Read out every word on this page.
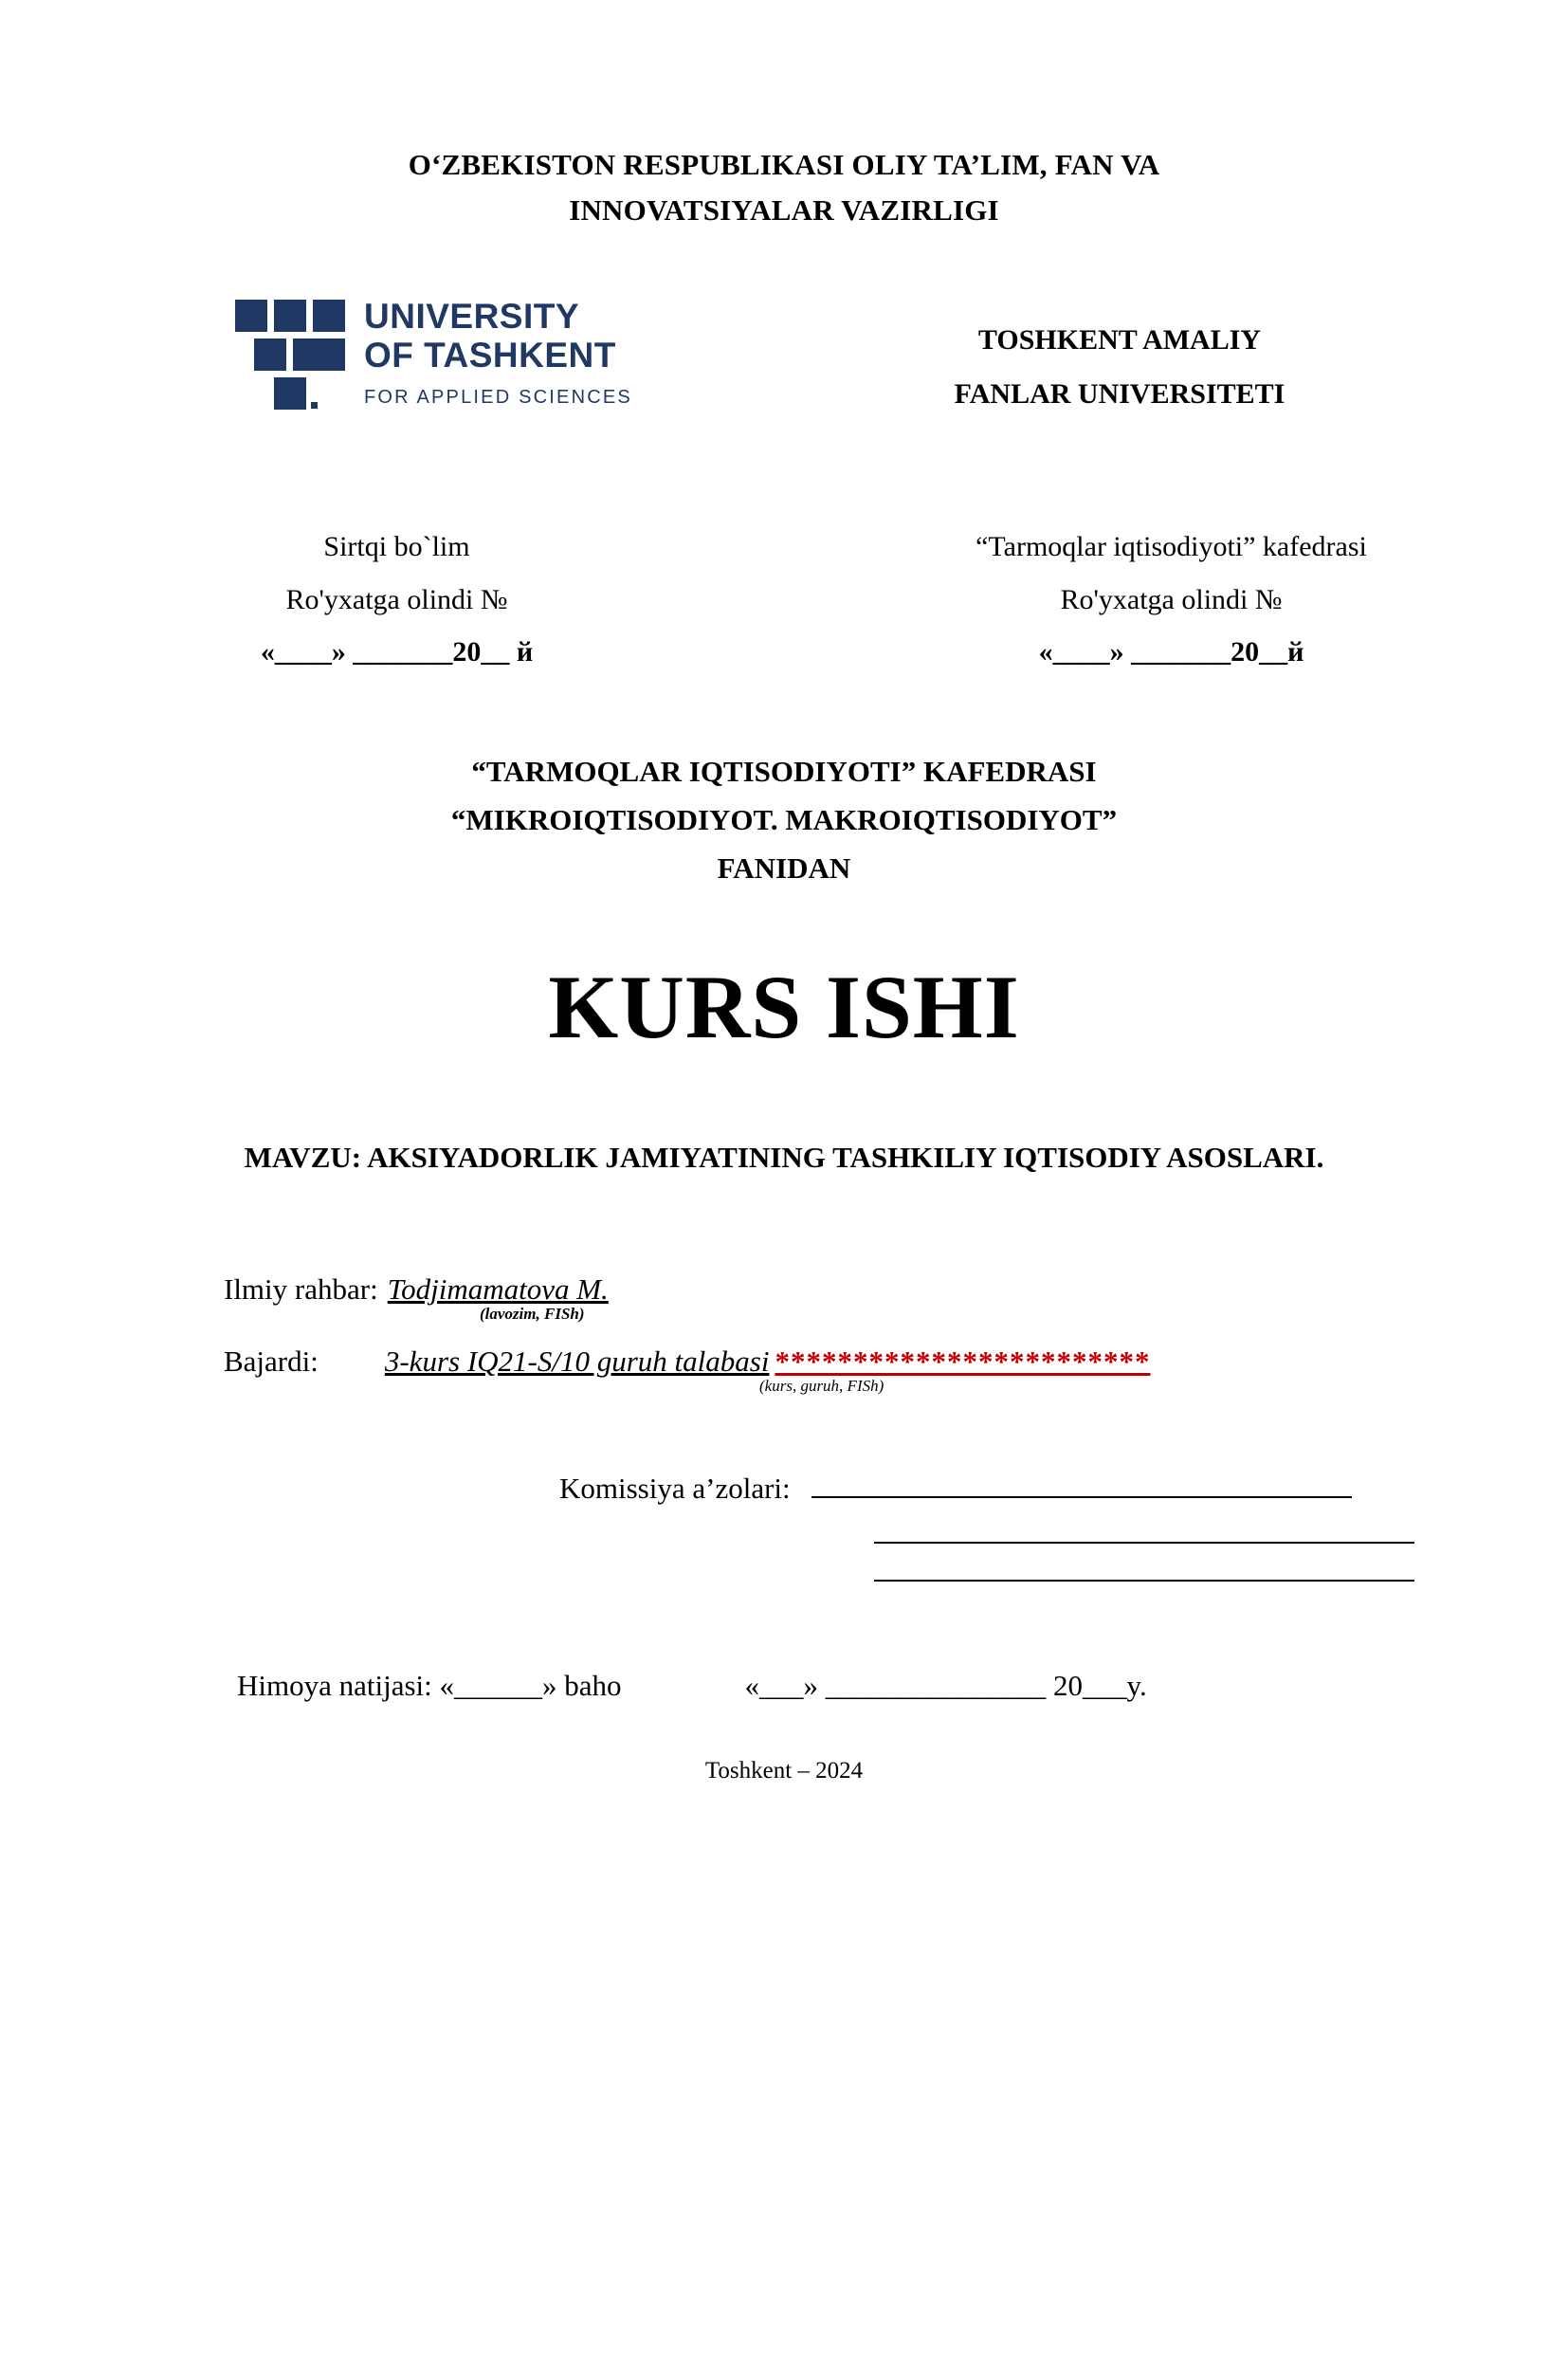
O‘ZBEKISTON RESPUBLIKASI OLIY TA’LIM, FAN VA
INNOVATSIYALAR VAZIRLIGI
UNIVERSITY
OF TASHKENT
FOR APPLIED SCIENCES
TOSHKENT AMALIY
FANLAR UNIVERSITETI
Sirtqi bo`lim
Ro'yxatga olindi №
«____» _______20__ й
“Tarmoqlar iqtisodiyoti” kafedrasi
Ro'yxatga olindi №
«____» _______20__й
“TARMOQLAR IQTISODIYOTI” KAFEDRASI
“MIKROIQTISODIYOT. MAKROIQTISODIYOT”
FANIDAN
KURS ISHI
MAVZU: AKSIYADORLIK JAMIYATINING TASHKILIY IQTISODIY ASOSLARI.
Ilmiy rahbar: Todjimamatova M.
(lavozim, FISh)
Bajardi: 3-kurs IQ21-S/10 guruh talabasi ************************
(kurs, guruh, FISh)
Komissiya a’zolari:
Himoya natijasi: «______» baho	«___» _______________ 20___y.
Toshkent – 2024
